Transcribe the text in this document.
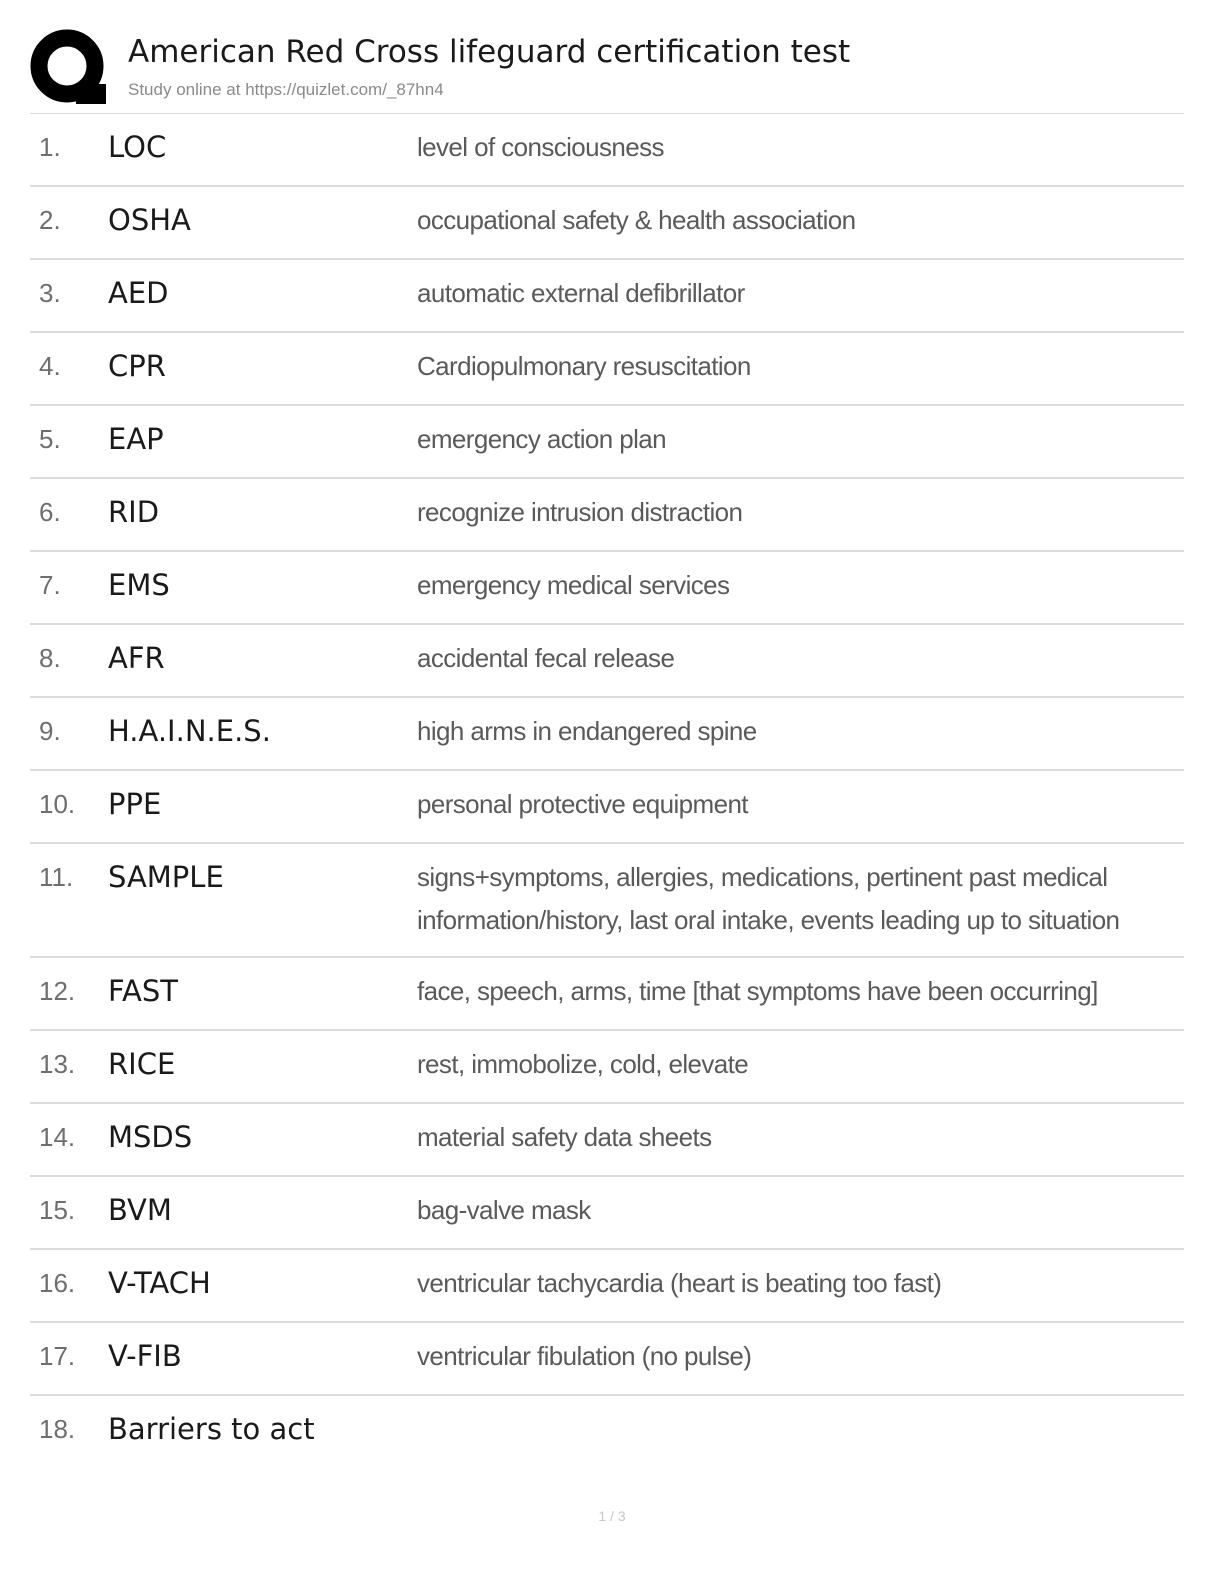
American Red Cross lifeguard certification test
Study online at https://quizlet.com/_87hn4
1.	LOC	level of consciousness
2.	OSHA	occupational safety & health association
3.	AED	automatic external defibrillator
4.	CPR	Cardiopulmonary resuscitation
5.	EAP	emergency action plan
6.	RID	recognize intrusion distraction
7.	EMS	emergency medical services
8.	AFR	accidental fecal release
9.	H.A.I.N.E.S.	high arms in endangered spine
10.	PPE	personal protective equipment
11.	SAMPLE	signs+symptoms, allergies, medications, pertinent past medical information/history, last oral intake, events leading up to situation
12.	FAST	face, speech, arms, time [that symptoms have been occurring]
13.	RICE	rest, immobolize, cold, elevate
14.	MSDS	material safety data sheets
15.	BVM	bag-valve mask
16.	V-TACH	ventricular tachycardia (heart is beating too fast)
17.	V-FIB	ventricular fibulation (no pulse)
18.	Barriers to act
1 / 3
